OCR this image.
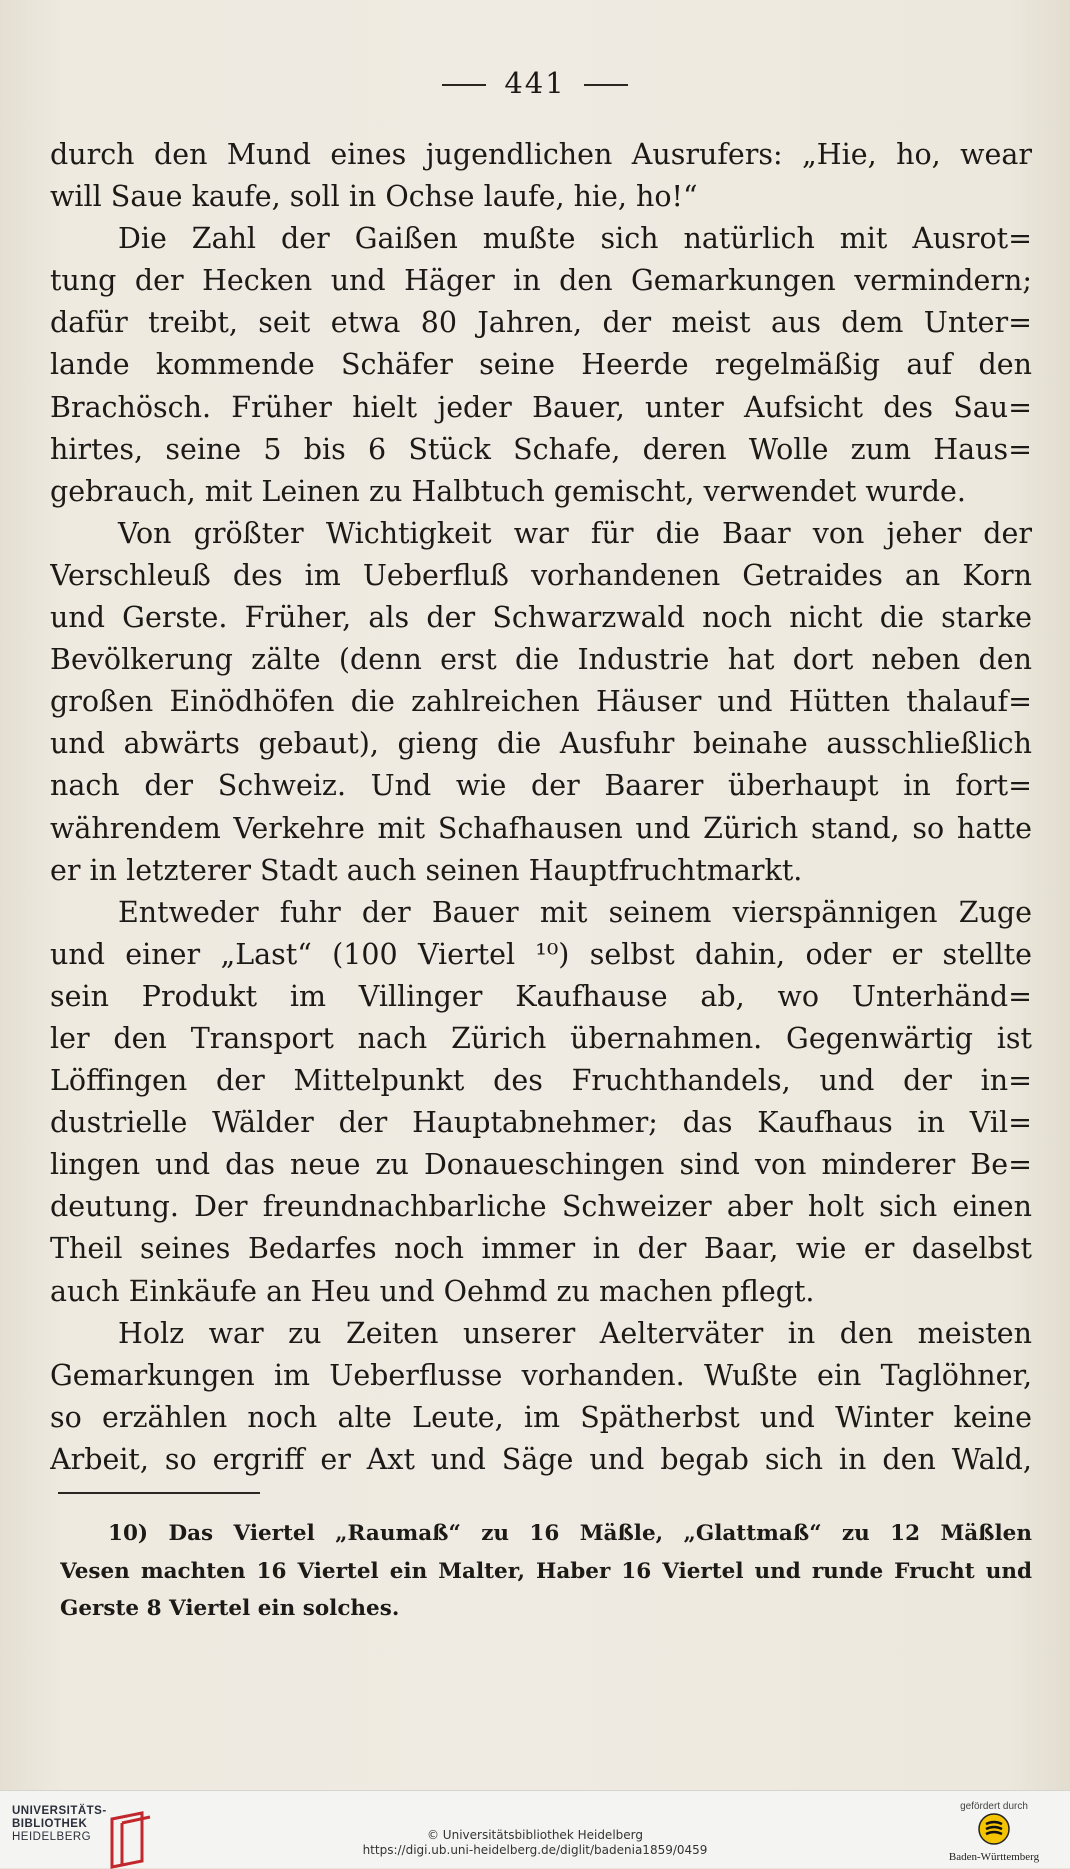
441
durch den Mund eines jugendlichen Ausrufers: „Hie, ho, wear
will Saue kaufe, soll in Ochse laufe, hie, ho!“
Die Zahl der Gaißen mußte sich natürlich mit Ausrot=
tung der Hecken und Häger in den Gemarkungen vermindern;
dafür treibt, seit etwa 80 Jahren, der meist aus dem Unter=
lande kommende Schäfer seine Heerde regelmäßig auf den
Brachösch. Früher hielt jeder Bauer, unter Aufsicht des Sau=
hirtes, seine 5 bis 6 Stück Schafe, deren Wolle zum Haus=
gebrauch, mit Leinen zu Halbtuch gemischt, verwendet wurde.
Von größter Wichtigkeit war für die Baar von jeher der
Verschleuß des im Ueberfluß vorhandenen Getraides an Korn
und Gerste. Früher, als der Schwarzwald noch nicht die starke
Bevölkerung zälte (denn erst die Industrie hat dort neben den
großen Einödhöfen die zahlreichen Häuser und Hütten thalauf=
und abwärts gebaut), gieng die Ausfuhr beinahe ausschließlich
nach der Schweiz. Und wie der Baarer überhaupt in fort=
währendem Verkehre mit Schafhausen und Zürich stand, so hatte
er in letzterer Stadt auch seinen Hauptfruchtmarkt.
Entweder fuhr der Bauer mit seinem vierspännigen Zuge
und einer „Last“ (100 Viertel ¹⁰) selbst dahin, oder er stellte
sein Produkt im Villinger Kaufhause ab, wo Unterhänd=
ler den Transport nach Zürich übernahmen. Gegenwärtig ist
Löffingen der Mittelpunkt des Fruchthandels, und der in=
dustrielle Wälder der Hauptabnehmer; das Kaufhaus in Vil=
lingen und das neue zu Donaueschingen sind von minderer Be=
deutung. Der freundnachbarliche Schweizer aber holt sich einen
Theil seines Bedarfes noch immer in der Baar, wie er daselbst
auch Einkäufe an Heu und Oehmd zu machen pflegt.
Holz war zu Zeiten unserer Aelterväter in den meisten
Gemarkungen im Ueberflusse vorhanden. Wußte ein Taglöhner,
so erzählen noch alte Leute, im Spätherbst und Winter keine
Arbeit, so ergriff er Axt und Säge und begab sich in den Wald,
10) Das Viertel „Raumaß“ zu 16 Mäßle, „Glattmaß“ zu 12 Mäßlen
Vesen machten 16 Viertel ein Malter, Haber 16 Viertel und runde Frucht und
Gerste 8 Viertel ein solches.
UNIVERSITÄTS-
BIBLIOTHEK
HEIDELBERG	© Universitätsbibliothek Heidelberg
https://digi.ub.uni-heidelberg.de/diglit/badenia1859/0459
gefördert durch
Baden-Württemberg
